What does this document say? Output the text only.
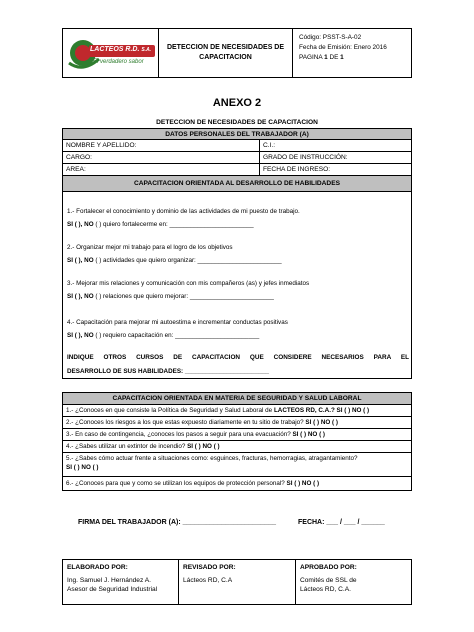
LACTEOS R.D. S.A.
El verdadero sabor
DETECCION DE NECESIDADES DE CAPACITACION
Código: PSST-S-A-02
Fecha de Emisión: Enero 2016
PAGINA 1 DE 1
ANEXO 2
DETECCION DE NECESIDADES DE CAPACITACION
DATOS PERSONALES DEL TRABAJADOR (A)
NOMBRE Y APELLIDO:	C.I.:
CARGO:	GRADO DE INSTRUCCIÓN:
AREA:	FECHA DE INGRESO:
CAPACITACION ORIENTADA AL DESARROLLO DE HABILIDADES
1.- Fortalecer el conocimiento y dominio de las actividades de mi puesto de trabajo.
SI ( ), NO ( ) quiero fortalecerme en: ________________________
2.- Organizar mejor mi trabajo para el logro de los objetivos
SI ( ), NO ( ) actividades que quiero organizar: ________________________
3.- Mejorar mis relaciones y comunicación con mis compañeros (as) y jefes inmediatos
SI ( ), NO ( ) relaciones que quiero mejorar: ________________________
4.- Capacitación para mejorar mi autoestima e incrementar conductas positivas
SI ( ), NO ( ) requiero capacitación en: ________________________
INDIQUE OTROS CURSOS DE CAPACITACION QUE CONSIDERE NECESARIOS PARA EL
DESARROLLO DE SUS HABILIDADES: ________________________
CAPACITACION ORIENTADA EN MATERIA DE SEGURIDAD Y SALUD LABORAL
1.- ¿Conoces en que consiste la Política de Seguridad y Salud Laboral de LACTEOS RD, C.A.? SI ( ) NO ( )
2.- ¿Conoces los riesgos a los que estas expuesto diariamente en tu sitio de trabajo? SI ( ) NO ( )
3.- En caso de contingencia, ¿conoces los pasos a seguir para una evacuación? SI ( ) NO ( )
4.- ¿Sabes utilizar un extintor de incendio? SI ( ) NO ( )
5.- ¿Sabes cómo actuar frente a situaciones como: esguinces, fracturas, hemorragias, atragantamiento?
SI ( ) NO ( )
6.- ¿Conoces para que y como se utilizan los equipos de protección personal? SI ( ) NO ( )
FIRMA DEL TRABAJADOR (A): ________________________	FECHA: ___ / ___ / ______
ELABORADO POR:
Ing. Samuel J. Hernández A.
Asesor de Seguridad Industrial
REVISADO POR:
Lácteos RD, C.A
APROBADO POR:
Comités de SSL de
Lácteos RD, C.A.
